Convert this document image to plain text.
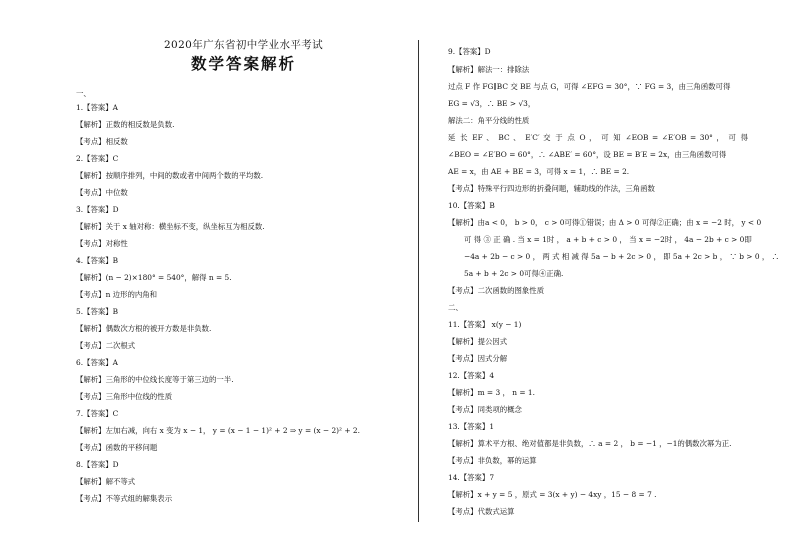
2020年广东省初中学业水平考试
数学答案解析
一、
1.【答案】A
【解析】正数的相反数是负数.
【考点】相反数
2.【答案】C
【解析】按顺序排列，中间的数或者中间两个数的平均数.
【考点】中位数
3.【答案】D
【解析】关于 x 轴对称：横坐标不变，纵坐标互为相反数.
【考点】对称性
4.【答案】B
【解析】(n − 2)×180° = 540°，解得 n = 5.
【考点】n 边形的内角和
5.【答案】B
【解析】偶数次方根的被开方数是非负数.
【考点】二次根式
6.【答案】A
【解析】三角形的中位线长度等于第三边的一半.
【考点】三角形中位线的性质
7.【答案】C
【解析】左加右减，向右 x 变为 x − 1， y = (x − 1 − 1)² + 2 ⇒ y = (x − 2)² + 2.
【考点】函数的平移问题
8.【答案】D
【解析】解不等式
【考点】不等式组的解集表示
9.【答案】D
【解析】解法一：排除法
过点 F 作 FG∥BC 交 BE 与点 G，可得 ∠EFG = 30°，∵ FG = 3，由三角函数可得
EG = √3，∴ BE > √3，
解法二：角平分线的性质
延 长 EF 、 BC 、 E′C′ 交 于 点 O ， 可 知 ∠EOB = ∠E′OB = 30° ， 可 得
∠BEO = ∠E′BO = 60°，∴ ∠ABE′ = 60°，设 BE = B′E = 2x，由三角函数可得
AE = x，由 AE + BE = 3，可得 x = 1，∴ BE = 2.
【考点】特殊平行四边形的折叠问题，辅助线的作法，三角函数
10.【答案】B
【解析】由a < 0， b > 0， c > 0可得①错误；由 Δ > 0 可得②正确；由 x = −2 时， y < 0
可 得 ③ 正 确 . 当 x = 1时 ， a + b + c > 0 ， 当 x = −2时 ， 4a − 2b + c > 0即
−4a + 2b − c > 0 ， 两 式 相 减 得 5a − b + 2c > 0 ， 即 5a + 2c > b ， ∵ b > 0 ， ∴
5a + b + 2c > 0可得④正确.
【考点】二次函数的图象性质
二、
11.【答案】 x(y − 1)
【解析】提公因式
【考点】因式分解
12.【答案】4
【解析】m = 3 ， n = 1.
【考点】同类项的概念
13.【答案】1
【解析】算术平方根、绝对值都是非负数，∴ a = 2 ， b = −1 ，−1的偶数次幂为正.
【考点】非负数，幂的运算
14.【答案】7
【解析】x + y = 5 ，原式 = 3(x + y) − 4xy ，15 − 8 = 7 .
【考点】代数式运算
